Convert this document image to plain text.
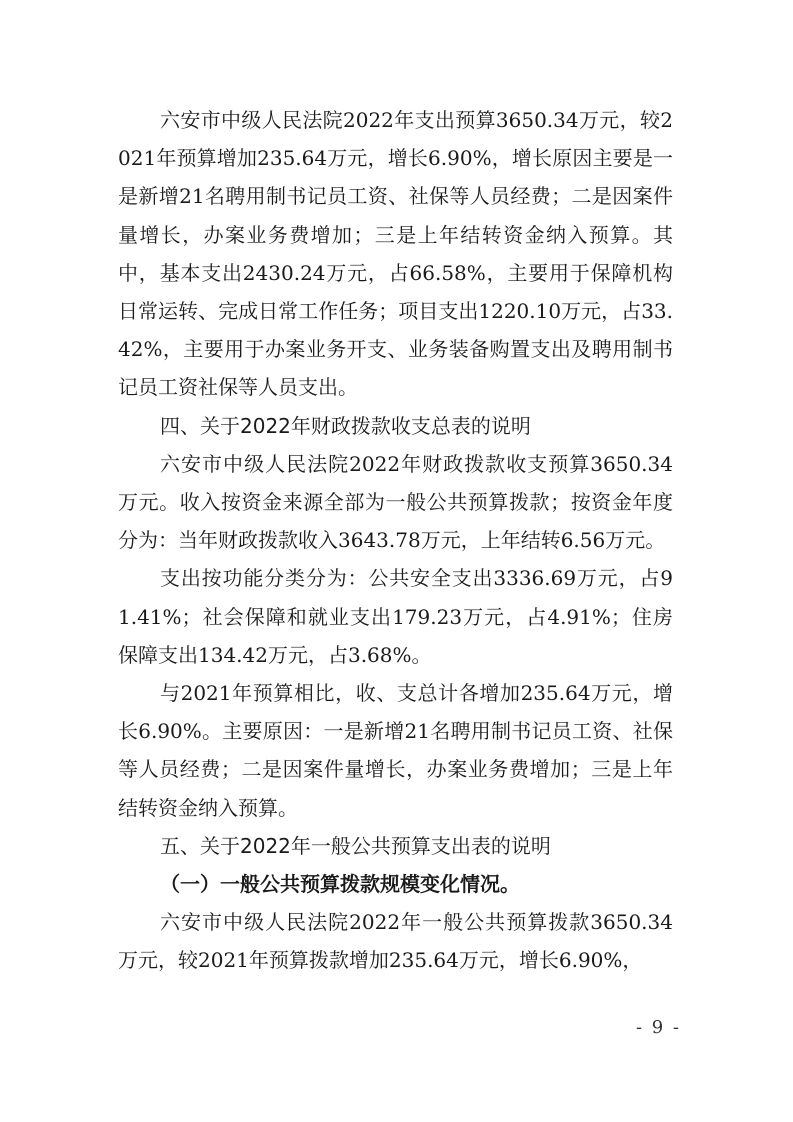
六安市中级人民法院2022年支出预算3650.34万元，较2021年预算增加235.64万元，增长6.90%，增长原因主要是一是新增21名聘用制书记员工资、社保等人员经费；二是因案件量增长，办案业务费增加；三是上年结转资金纳入预算。其中，基本支出2430.24万元，占66.58%，主要用于保障机构日常运转、完成日常工作任务；项目支出1220.10万元，占33.42%，主要用于办案业务开支、业务装备购置支出及聘用制书记员工资社保等人员支出。

四、关于2022年财政拨款收支总表的说明

六安市中级人民法院2022年财政拨款收支预算3650.34万元。收入按资金来源全部为一般公共预算拨款；按资金年度分为：当年财政拨款收入3643.78万元，上年结转6.56万元。

支出按功能分类分为：公共安全支出3336.69万元，占91.41%；社会保障和就业支出179.23万元，占4.91%；住房保障支出134.42万元，占3.68%。

与2021年预算相比，收、支总计各增加235.64万元，增长6.90%。主要原因：一是新增21名聘用制书记员工资、社保等人员经费；二是因案件量增长，办案业务费增加；三是上年结转资金纳入预算。

五、关于2022年一般公共预算支出表的说明
（一）一般公共预算拨款规模变化情况。

六安市中级人民法院2022年一般公共预算拨款3650.34万元，较2021年预算拨款增加235.64万元，增长6.90%，

- 9 -
